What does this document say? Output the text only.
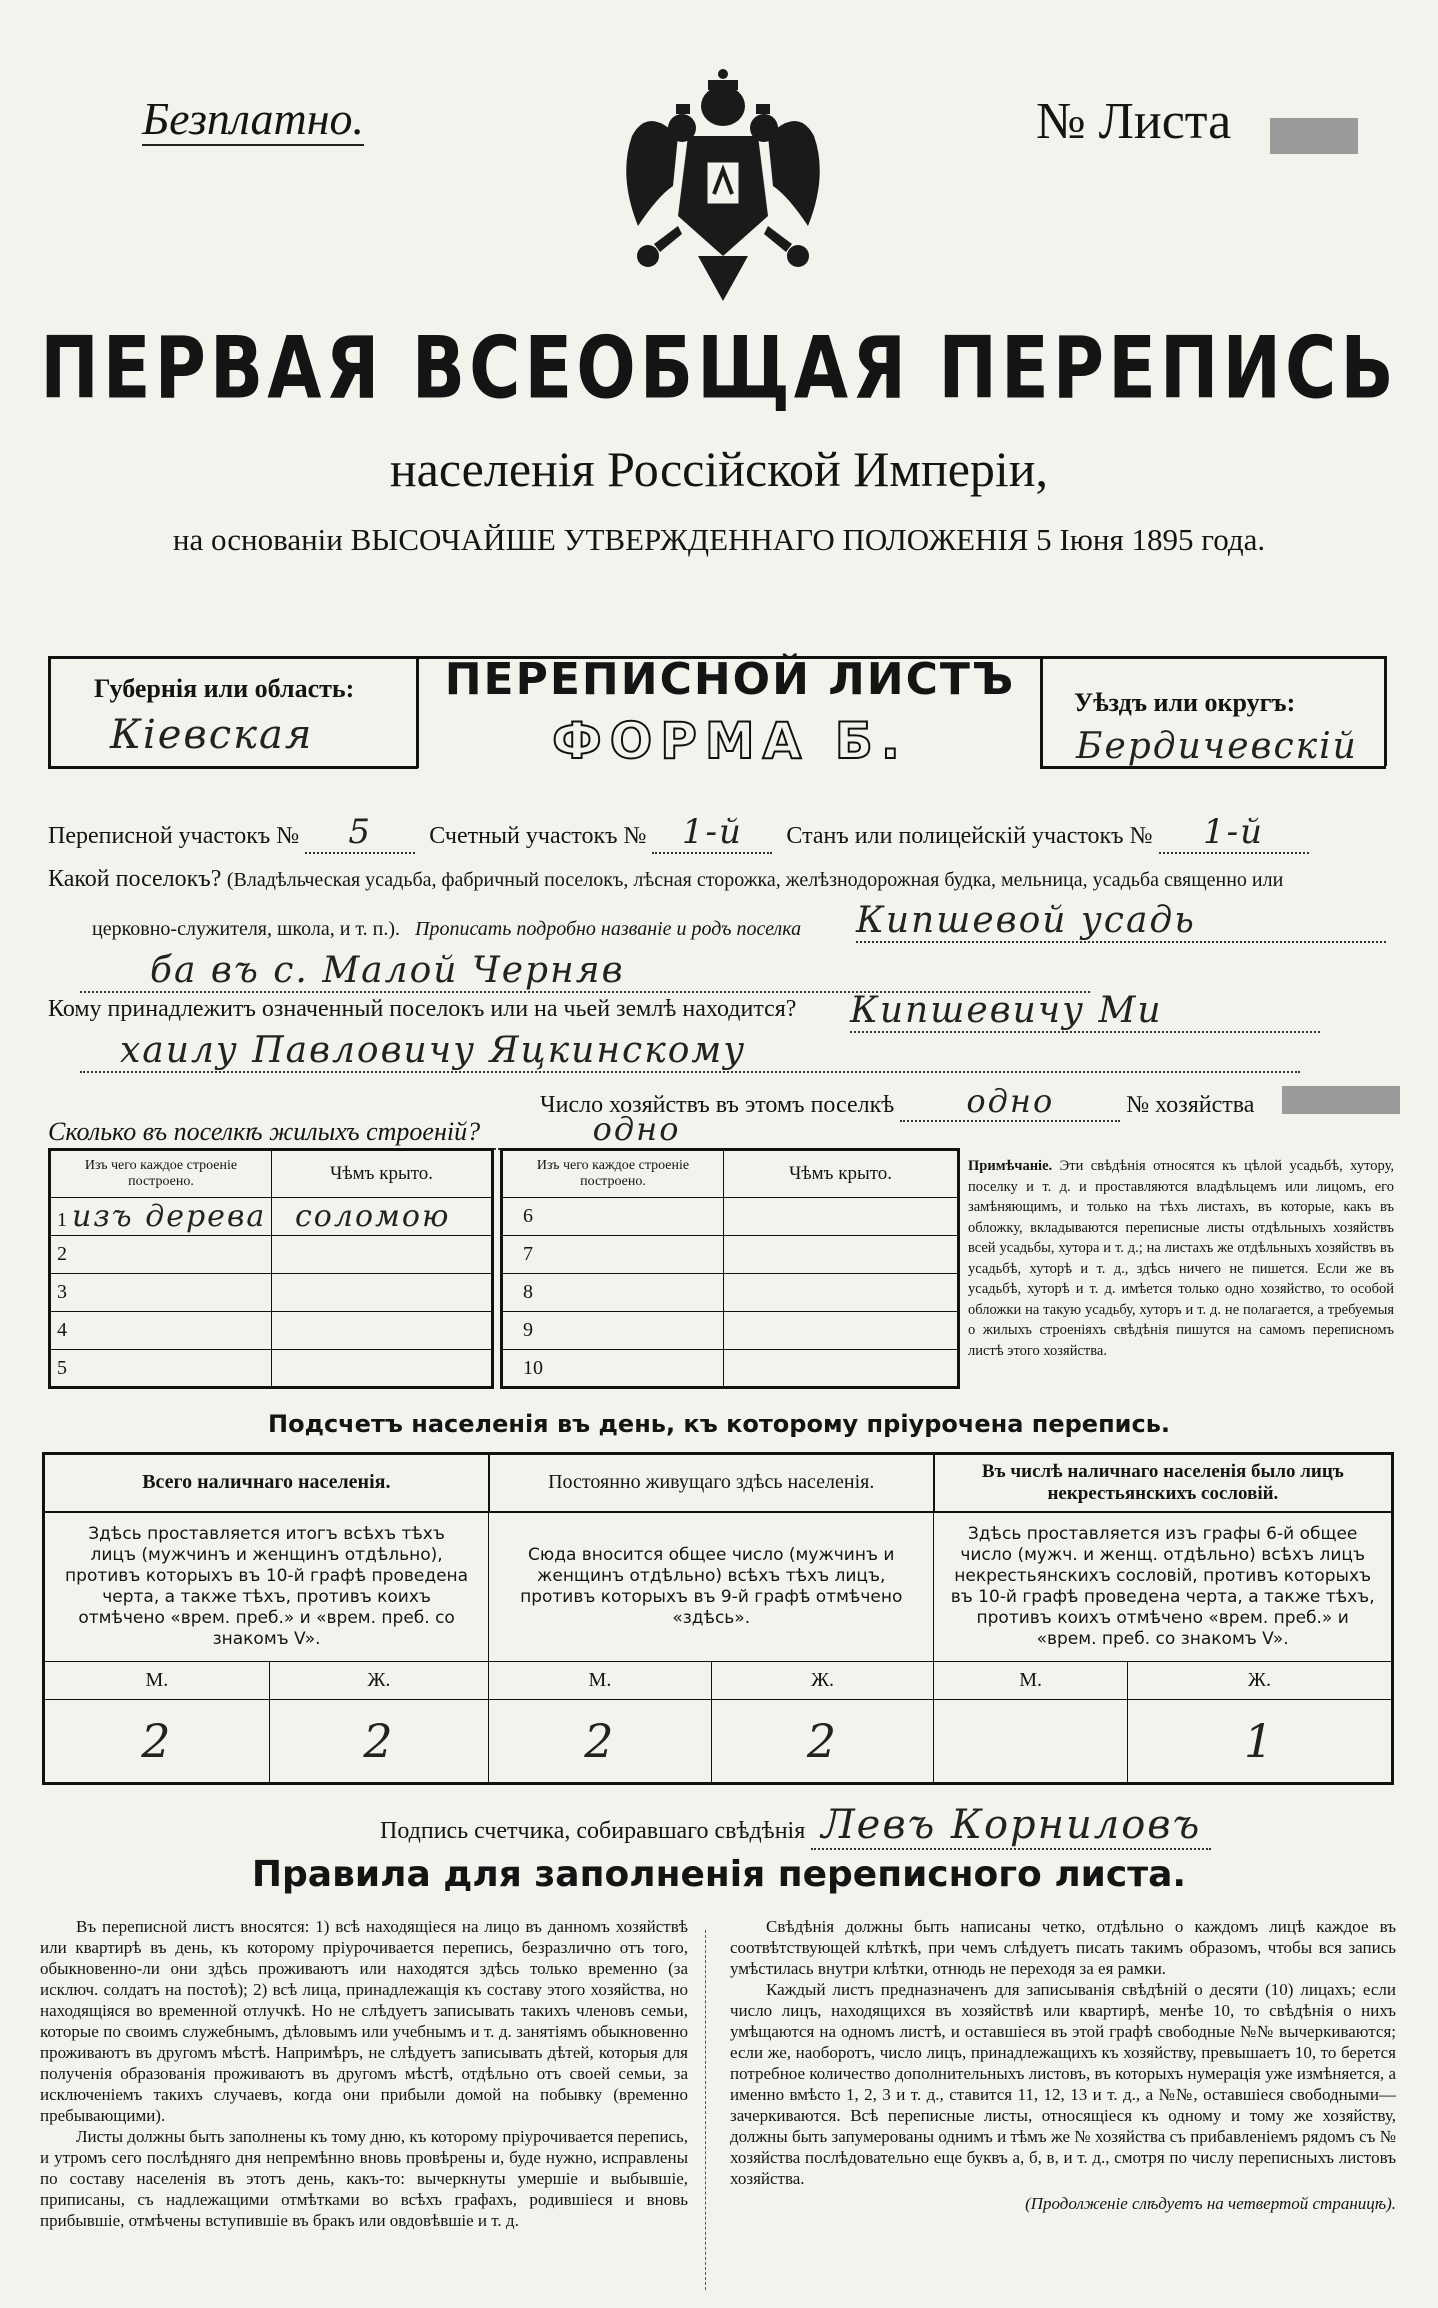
Безплатно.	№ Листа
ПЕРВАЯ ВСЕОБЩАЯ ПЕРЕПИСЬ
населенія Россійской Имперіи,
на основаніи ВЫСОЧАЙШЕ УТВЕРЖДЕННАГО ПОЛОЖЕНІЯ 5 Іюня 1895 года.
Губернія или область:
Кіевская
ПЕРЕПИСНОЙ ЛИСТЪ
ФОРМА Б.
Уѣздъ или округъ:
Бердичевскій
Переписной участокъ № 5 Счетный участокъ № 1-й Станъ или полицейскій участокъ № 1-й
Какой поселокъ? (Владѣльческая усадьба, фабричный поселокъ, лѣсная сторожка, желѣзнодорожная будка, мельница, усадьба священно или
церковно-служителя, школа, и т. п.). Прописать подробно названіе и родъ поселка Кипшевой усадь
ба въ с. Малой Черняв
Кому принадлежитъ означенный поселокъ или на чьей землѣ находится? Кипшевичу Ми
хаилу Павловичу Яцкинскому
Число хозяйствъ въ этомъ поселкѣ одно	№ хозяйства
Сколько въ поселкѣ жилыхъ строеній?	одно
Изъ чего каждое строеніе построено.	Чѣмъ крыто.
1 изъ дерева	соломою
2	
3	
4	
5	
Изъ чего каждое строеніе построено.	Чѣмъ крыто.
6	
7	
8	
9	
10	
Примѣчаніе. Эти свѣдѣнія относятся къ цѣлой усадьбѣ, хутору, поселку и т. д. и проставляются владѣльцемъ или лицомъ, его замѣняющимъ, и только на тѣхъ листахъ, въ которые, какъ въ обложку, вкладываются переписные листы отдѣльныхъ хозяйствъ всей усадьбы, хутора и т. д.; на листахъ же отдѣльныхъ хозяйствъ въ усадьбѣ, хуторѣ и т. д., здѣсь ничего не пишется. Если же въ усадьбѣ, хуторѣ и т. д. имѣется только одно хозяйство, то особой обложки на такую усадьбу, хуторъ и т. д. не полагается, а требуемыя о жилыхъ строеніяхъ свѣдѣнія пишутся на самомъ переписномъ листѣ этого хозяйства.
Подсчетъ населенія въ день, къ которому пріурочена перепись.
Всего наличнаго населенія.		Постоянно живущаго здѣсь населенія.		Въ числѣ наличнаго населенія было лицъ некрестьянскихъ сословій.	
Здѣсь проставляется итогъ всѣхъ тѣхъ лицъ (мужчинъ и женщинъ отдѣльно), противъ которыхъ въ 10-й графѣ проведена черта, а также тѣхъ, противъ коихъ отмѣчено «врем. преб.» и «врем. преб. со знакомъ V».		Сюда вносится общее число (мужчинъ и женщинъ отдѣльно) всѣхъ тѣхъ лицъ, противъ которыхъ въ 9-й графѣ отмѣчено «здѣсь».		Здѣсь проставляется изъ графы 6-й общее число (мужч. и женщ. отдѣльно) всѣхъ лицъ некрестьянскихъ сословій, противъ которыхъ въ 10-й графѣ проведена черта, а также тѣхъ, противъ коихъ отмѣчено «врем. преб.» и «врем. преб. со знакомъ V».	
М.	Ж.	М.	Ж.	М.	Ж.
2	2	2	2		1
Подпись счетчика, собиравшаго свѣдѣнія Левъ Корниловъ
Правила для заполненія переписного листа.

Въ переписной листъ вносятся: 1) всѣ находящіеся на лицо въ данномъ хозяйствѣ или квартирѣ въ день, къ которому пріурочивается перепись, безразлично отъ того, обыкновенно-ли они здѣсь проживаютъ или находятся здѣсь только временно (за исключ. солдатъ на постоѣ); 2) всѣ лица, принадлежащія къ составу этого хозяйства, но находящіяся во временной отлучкѣ. Но не слѣдуетъ записывать такихъ членовъ семьи, которые по своимъ служебнымъ, дѣловымъ или учебнымъ и т. д. занятіямъ обыкновенно проживаютъ въ другомъ мѣстѣ. Напримѣръ, не слѣдуетъ записывать дѣтей, которыя для полученія образованія проживаютъ въ другомъ мѣстѣ, отдѣльно отъ своей семьи, за исключеніемъ такихъ случаевъ, когда они прибыли домой на побывку (временно пребывающими).

Листы должны быть заполнены къ тому дню, къ которому пріурочивается перепись, и утромъ сего послѣдняго дня непремѣнно вновь провѣрены и, буде нужно, исправлены по составу населенія въ этотъ день, какъ-то: вычеркнуты умершіе и выбывшіе, приписаны, съ надлежащими отмѣтками во всѣхъ графахъ, родившіеся и вновь прибывшіе, отмѣчены вступившіе въ бракъ или овдовѣвшіе и т. д.

Свѣдѣнія должны быть написаны четко, отдѣльно о каждомъ лицѣ каждое въ соотвѣтствующей клѣткѣ, при чемъ слѣдуетъ писать такимъ образомъ, чтобы вся запись умѣстилась внутри клѣтки, отнюдь не переходя за ея рамки.

Каждый листъ предназначенъ для записыванія свѣдѣній о десяти (10) лицахъ; если число лицъ, находящихся въ хозяйствѣ или квартирѣ, менѣе 10, то свѣдѣнія о нихъ умѣщаются на одномъ листѣ, и оставшіеся въ этой графѣ свободные №№ вычеркиваются; если же, наоборотъ, число лицъ, принадлежащихъ къ хозяйству, превышаетъ 10, то берется потребное количество дополнительныхъ листовъ, въ которыхъ нумерація уже измѣняется, а именно вмѣсто 1, 2, 3 и т. д., ставится 11, 12, 13 и т. д., а №№, оставшіеся свободными—зачеркиваются. Всѣ переписные листы, относящіеся къ одному и тому же хозяйству, должны быть запумерованы однимъ и тѣмъ же № хозяйства съ прибавленіемъ рядомъ съ № хозяйства послѣдовательно еще буквъ а, б, в, и т. д., смотря по числу переписныхъ листовъ хозяйства.

(Продолженіе слѣдуетъ на четвертой страницѣ).
